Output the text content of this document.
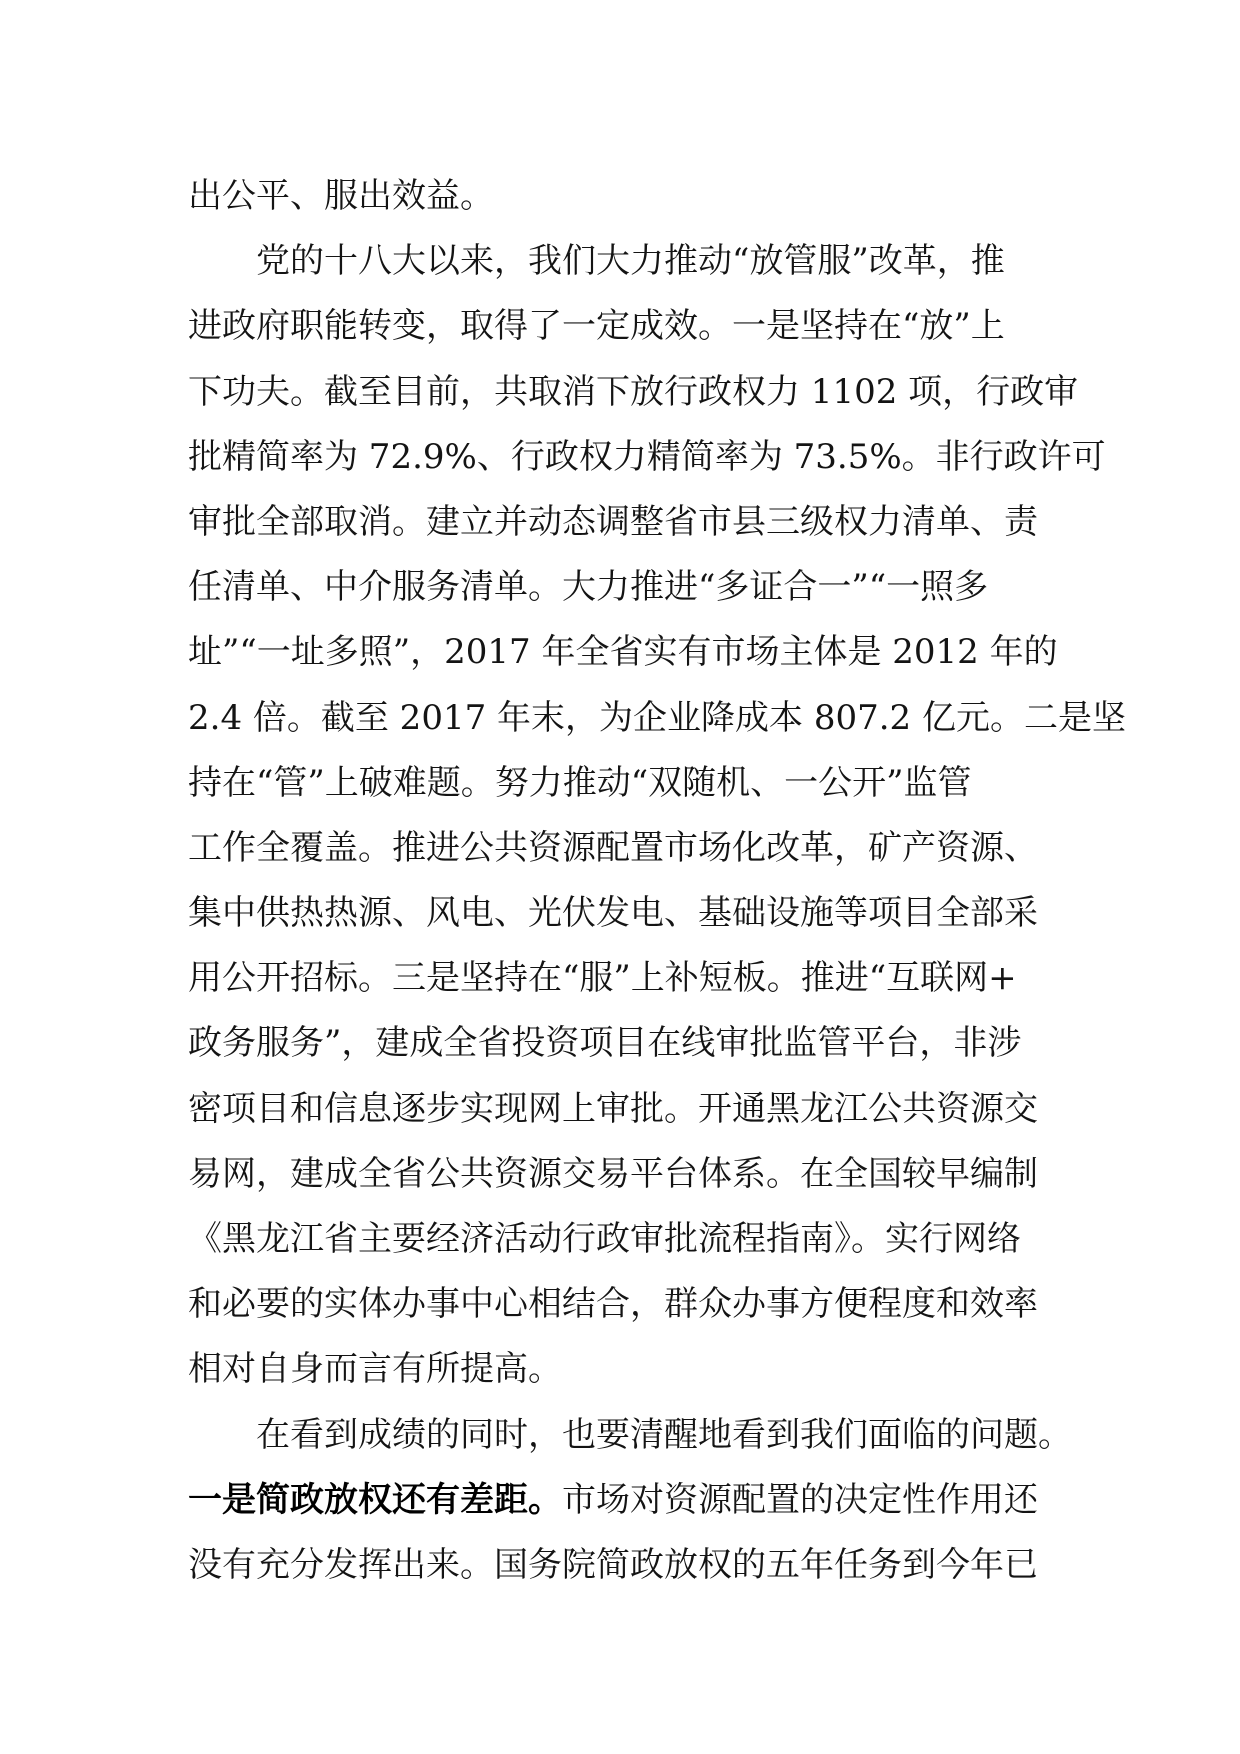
出公平、服出效益。
　　党的十八大以来，我们大力推动“放管服”改革，推
进政府职能转变，取得了一定成效。一是坚持在“放”上
下功夫。截至目前，共取消下放行政权力 1102 项，行政审
批精简率为 72.9%、行政权力精简率为 73.5%。非行政许可
审批全部取消。建立并动态调整省市县三级权力清单、责
任清单、中介服务清单。大力推进“多证合一”“一照多
址”“一址多照”，2017 年全省实有市场主体是 2012 年的
2.4 倍。截至 2017 年末，为企业降成本 807.2 亿元。二是坚
持在“管”上破难题。努力推动“双随机、一公开”监管
工作全覆盖。推进公共资源配置市场化改革，矿产资源、
集中供热热源、风电、光伏发电、基础设施等项目全部采
用公开招标。三是坚持在“服”上补短板。推进“互联网+
政务服务”，建成全省投资项目在线审批监管平台，非涉
密项目和信息逐步实现网上审批。开通黑龙江公共资源交
易网，建成全省公共资源交易平台体系。在全国较早编制
《黑龙江省主要经济活动行政审批流程指南》。实行网络
和必要的实体办事中心相结合，群众办事方便程度和效率
相对自身而言有所提高。
　　在看到成绩的同时，也要清醒地看到我们面临的问题。
一是简政放权还有差距。市场对资源配置的决定性作用还
没有充分发挥出来。国务院简政放权的五年任务到今年已
